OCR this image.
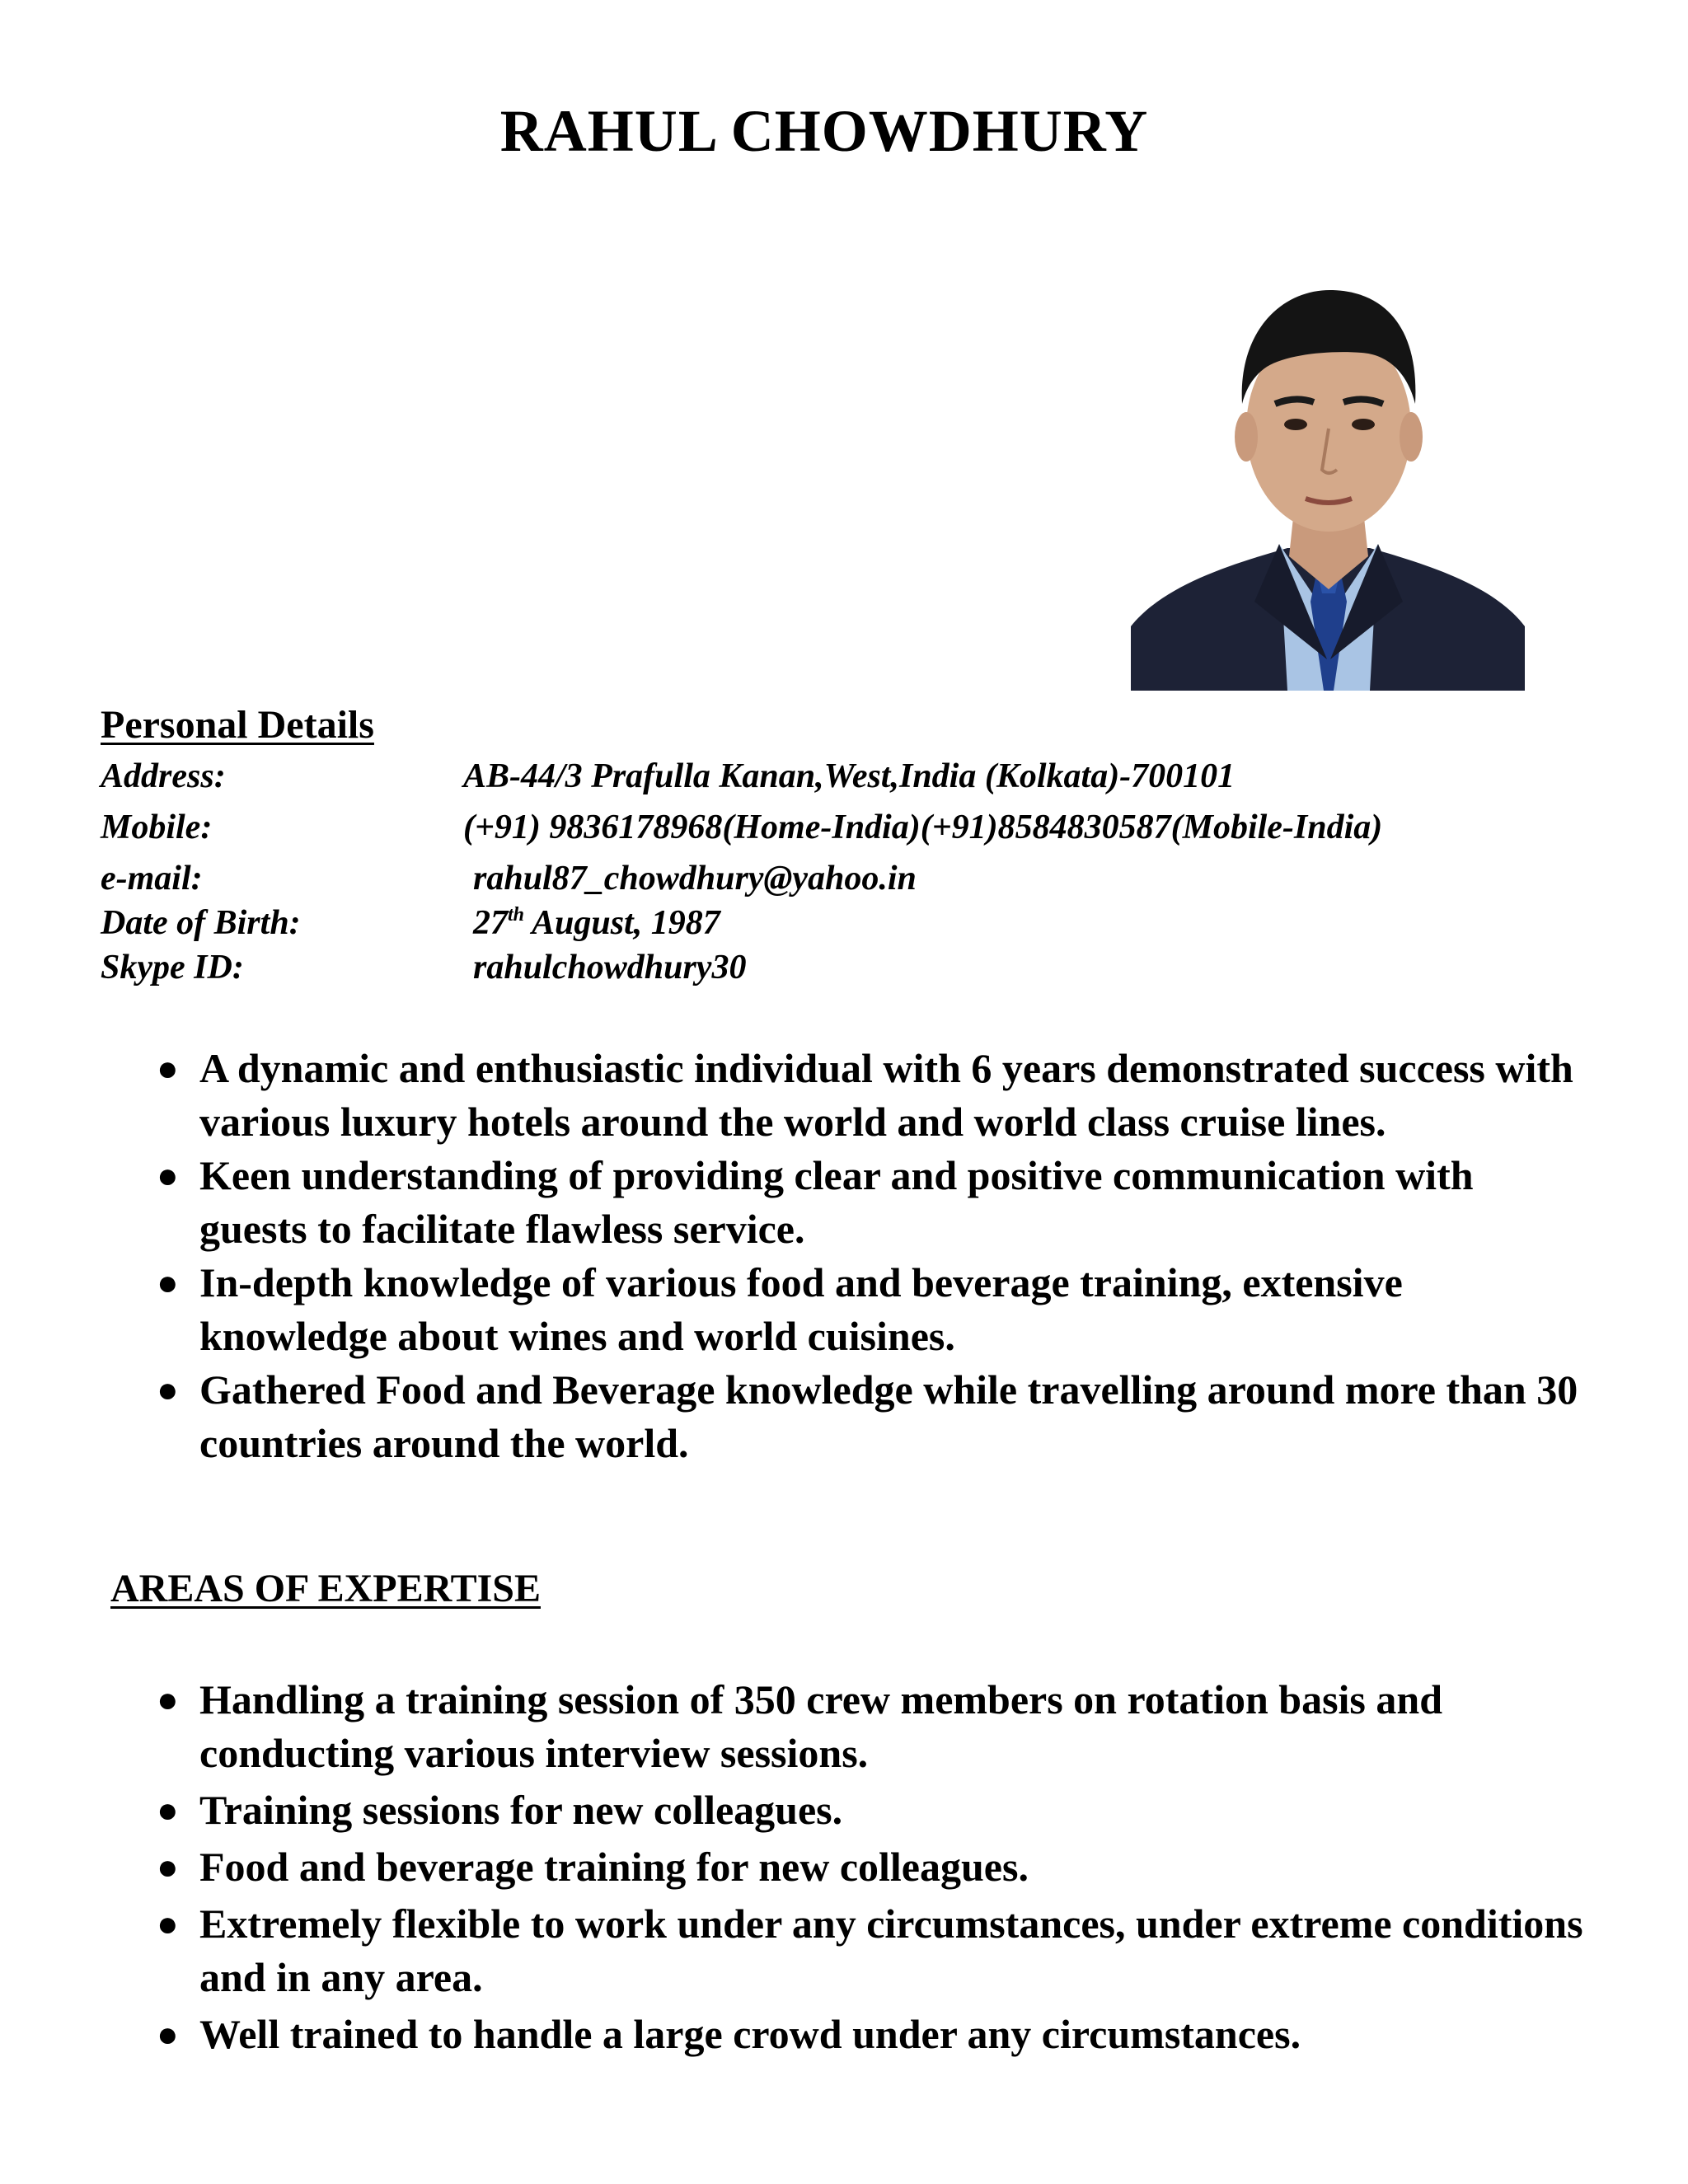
RAHUL CHOWDHURY
Personal Details
Address:	AB-44/3 Prafulla Kanan,West,India (Kolkata)-700101
Mobile:	(+91) 9836178968(Home-India)(+91)8584830587(Mobile-India)
e-mail:	rahul87_chowdhury@yahoo.in
Date of Birth:	27th August, 1987
Skype ID:	rahulchowdhury30
● A dynamic and enthusiastic individual with 6 years demonstrated success with various luxury hotels around the world and world class cruise lines.
● Keen understanding of providing clear and positive communication with guests to facilitate flawless service.
● In-depth knowledge of various food and beverage training, extensive knowledge about wines and world cuisines.
● Gathered Food and Beverage knowledge while travelling around more than 30 countries around the world.
AREAS OF EXPERTISE
● Handling a training session of 350 crew members on rotation basis and conducting various interview sessions.
● Training sessions for new colleagues.
● Food and beverage training for new colleagues.
● Extremely flexible to work under any circumstances, under extreme conditions and in any area.
● Well trained to handle a large crowd under any circumstances.
